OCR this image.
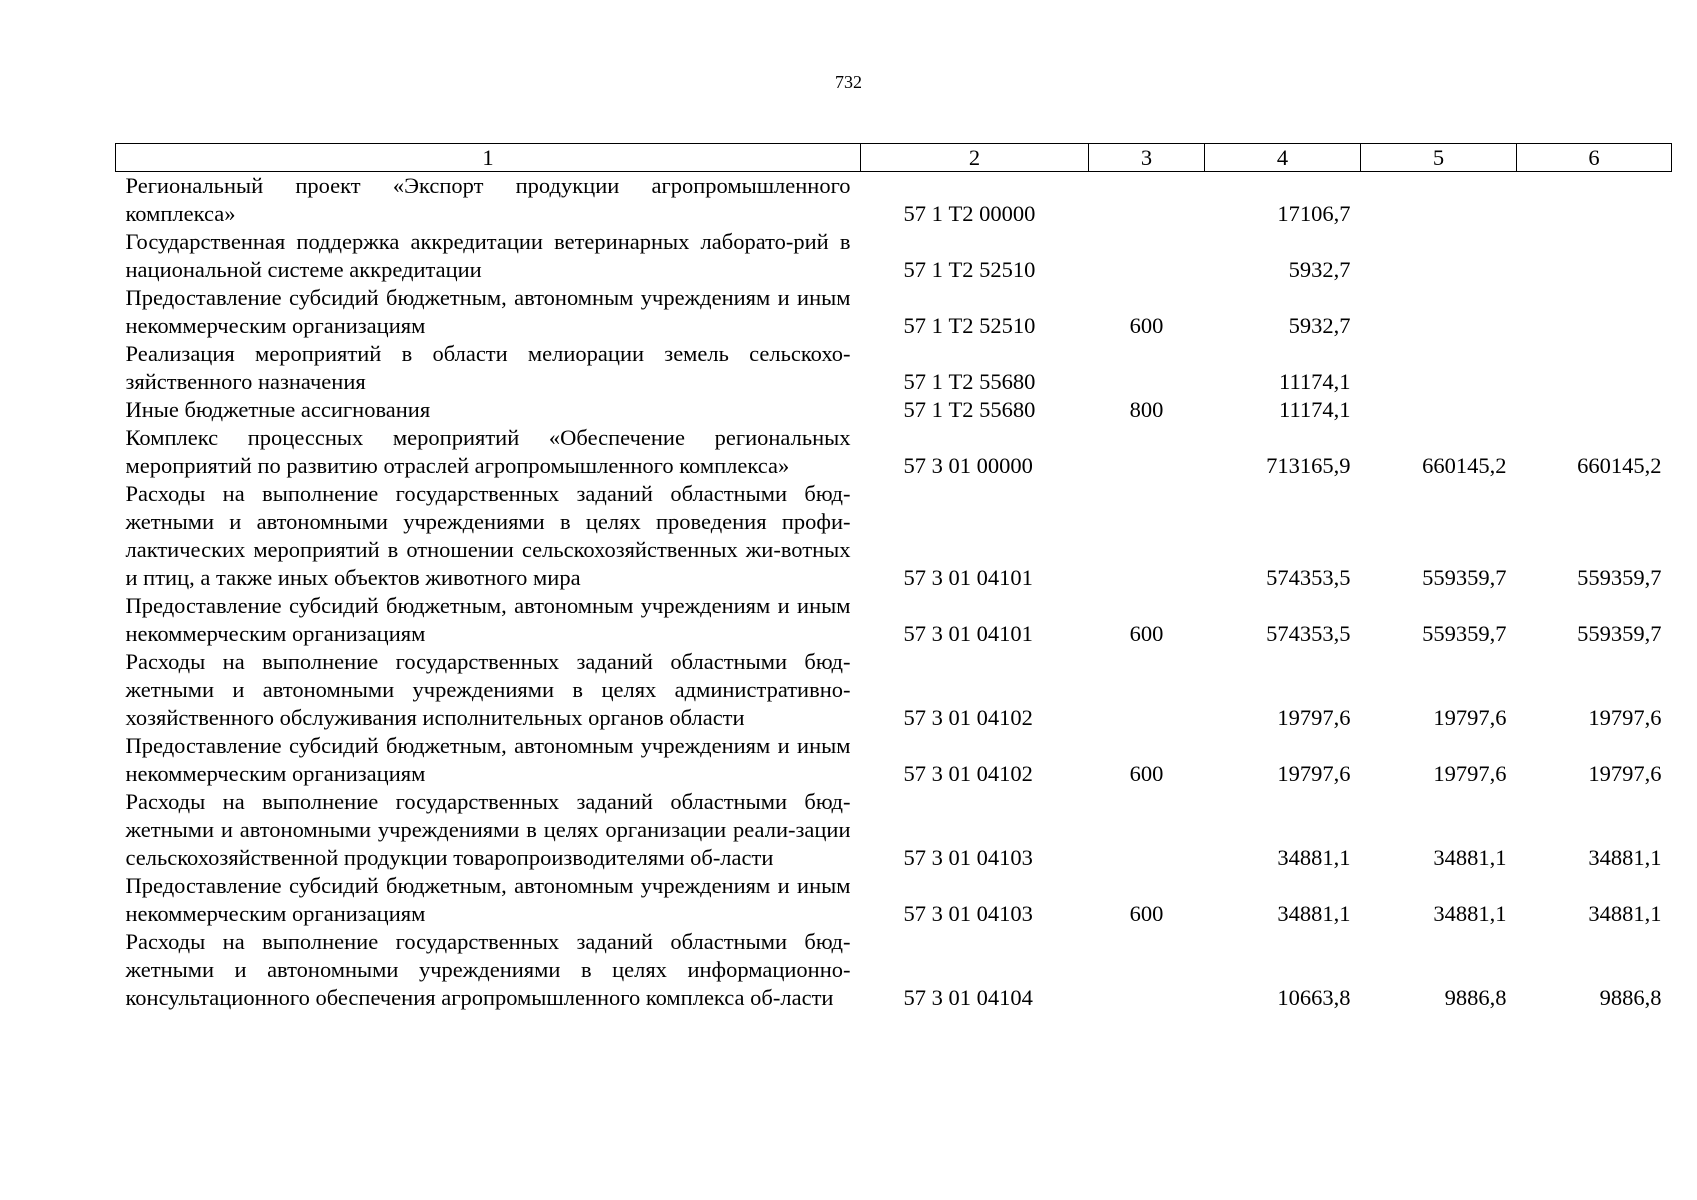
732
1	2	3	4	5	6
Региональный проект «Экспорт продукции агропромышленного комплекса»	57 1 Т2 00000		17106,7		
Государственная поддержка аккредитации ветеринарных лаборато-рий в национальной системе аккредитации	57 1 Т2 52510		5932,7		
Предоставление субсидий бюджетным, автономным учреждениям и иным некоммерческим организациям	57 1 Т2 52510	600	5932,7		
Реализация мероприятий в области мелиорации земель сельскохо-зяйственного назначения	57 1 Т2 55680		11174,1		
Иные бюджетные ассигнования	57 1 Т2 55680	800	11174,1		
Комплекс процессных мероприятий «Обеспечение региональных мероприятий по развитию отраслей агропромышленного комплекса»	57 3 01 00000		713165,9	660145,2	660145,2
Расходы на выполнение государственных заданий областными бюд-жетными и автономными учреждениями в целях проведения профи-лактических мероприятий в отношении сельскохозяйственных жи-вотных и птиц, а также иных объектов животного мира	57 3 01 04101		574353,5	559359,7	559359,7
Предоставление субсидий бюджетным, автономным учреждениям и иным некоммерческим организациям	57 3 01 04101	600	574353,5	559359,7	559359,7
Расходы на выполнение государственных заданий областными бюд-жетными и автономными учреждениями в целях административно-хозяйственного обслуживания исполнительных органов области	57 3 01 04102		19797,6	19797,6	19797,6
Предоставление субсидий бюджетным, автономным учреждениям и иным некоммерческим организациям	57 3 01 04102	600	19797,6	19797,6	19797,6
Расходы на выполнение государственных заданий областными бюд-жетными и автономными учреждениями в целях организации реали-зации сельскохозяйственной продукции товаропроизводителями об-ласти	57 3 01 04103		34881,1	34881,1	34881,1
Предоставление субсидий бюджетным, автономным учреждениям и иным некоммерческим организациям	57 3 01 04103	600	34881,1	34881,1	34881,1
Расходы на выполнение государственных заданий областными бюд-жетными и автономными учреждениями в целях информационно-консультационного обеспечения агропромышленного комплекса об-ласти	57 3 01 04104		10663,8	9886,8	9886,8
